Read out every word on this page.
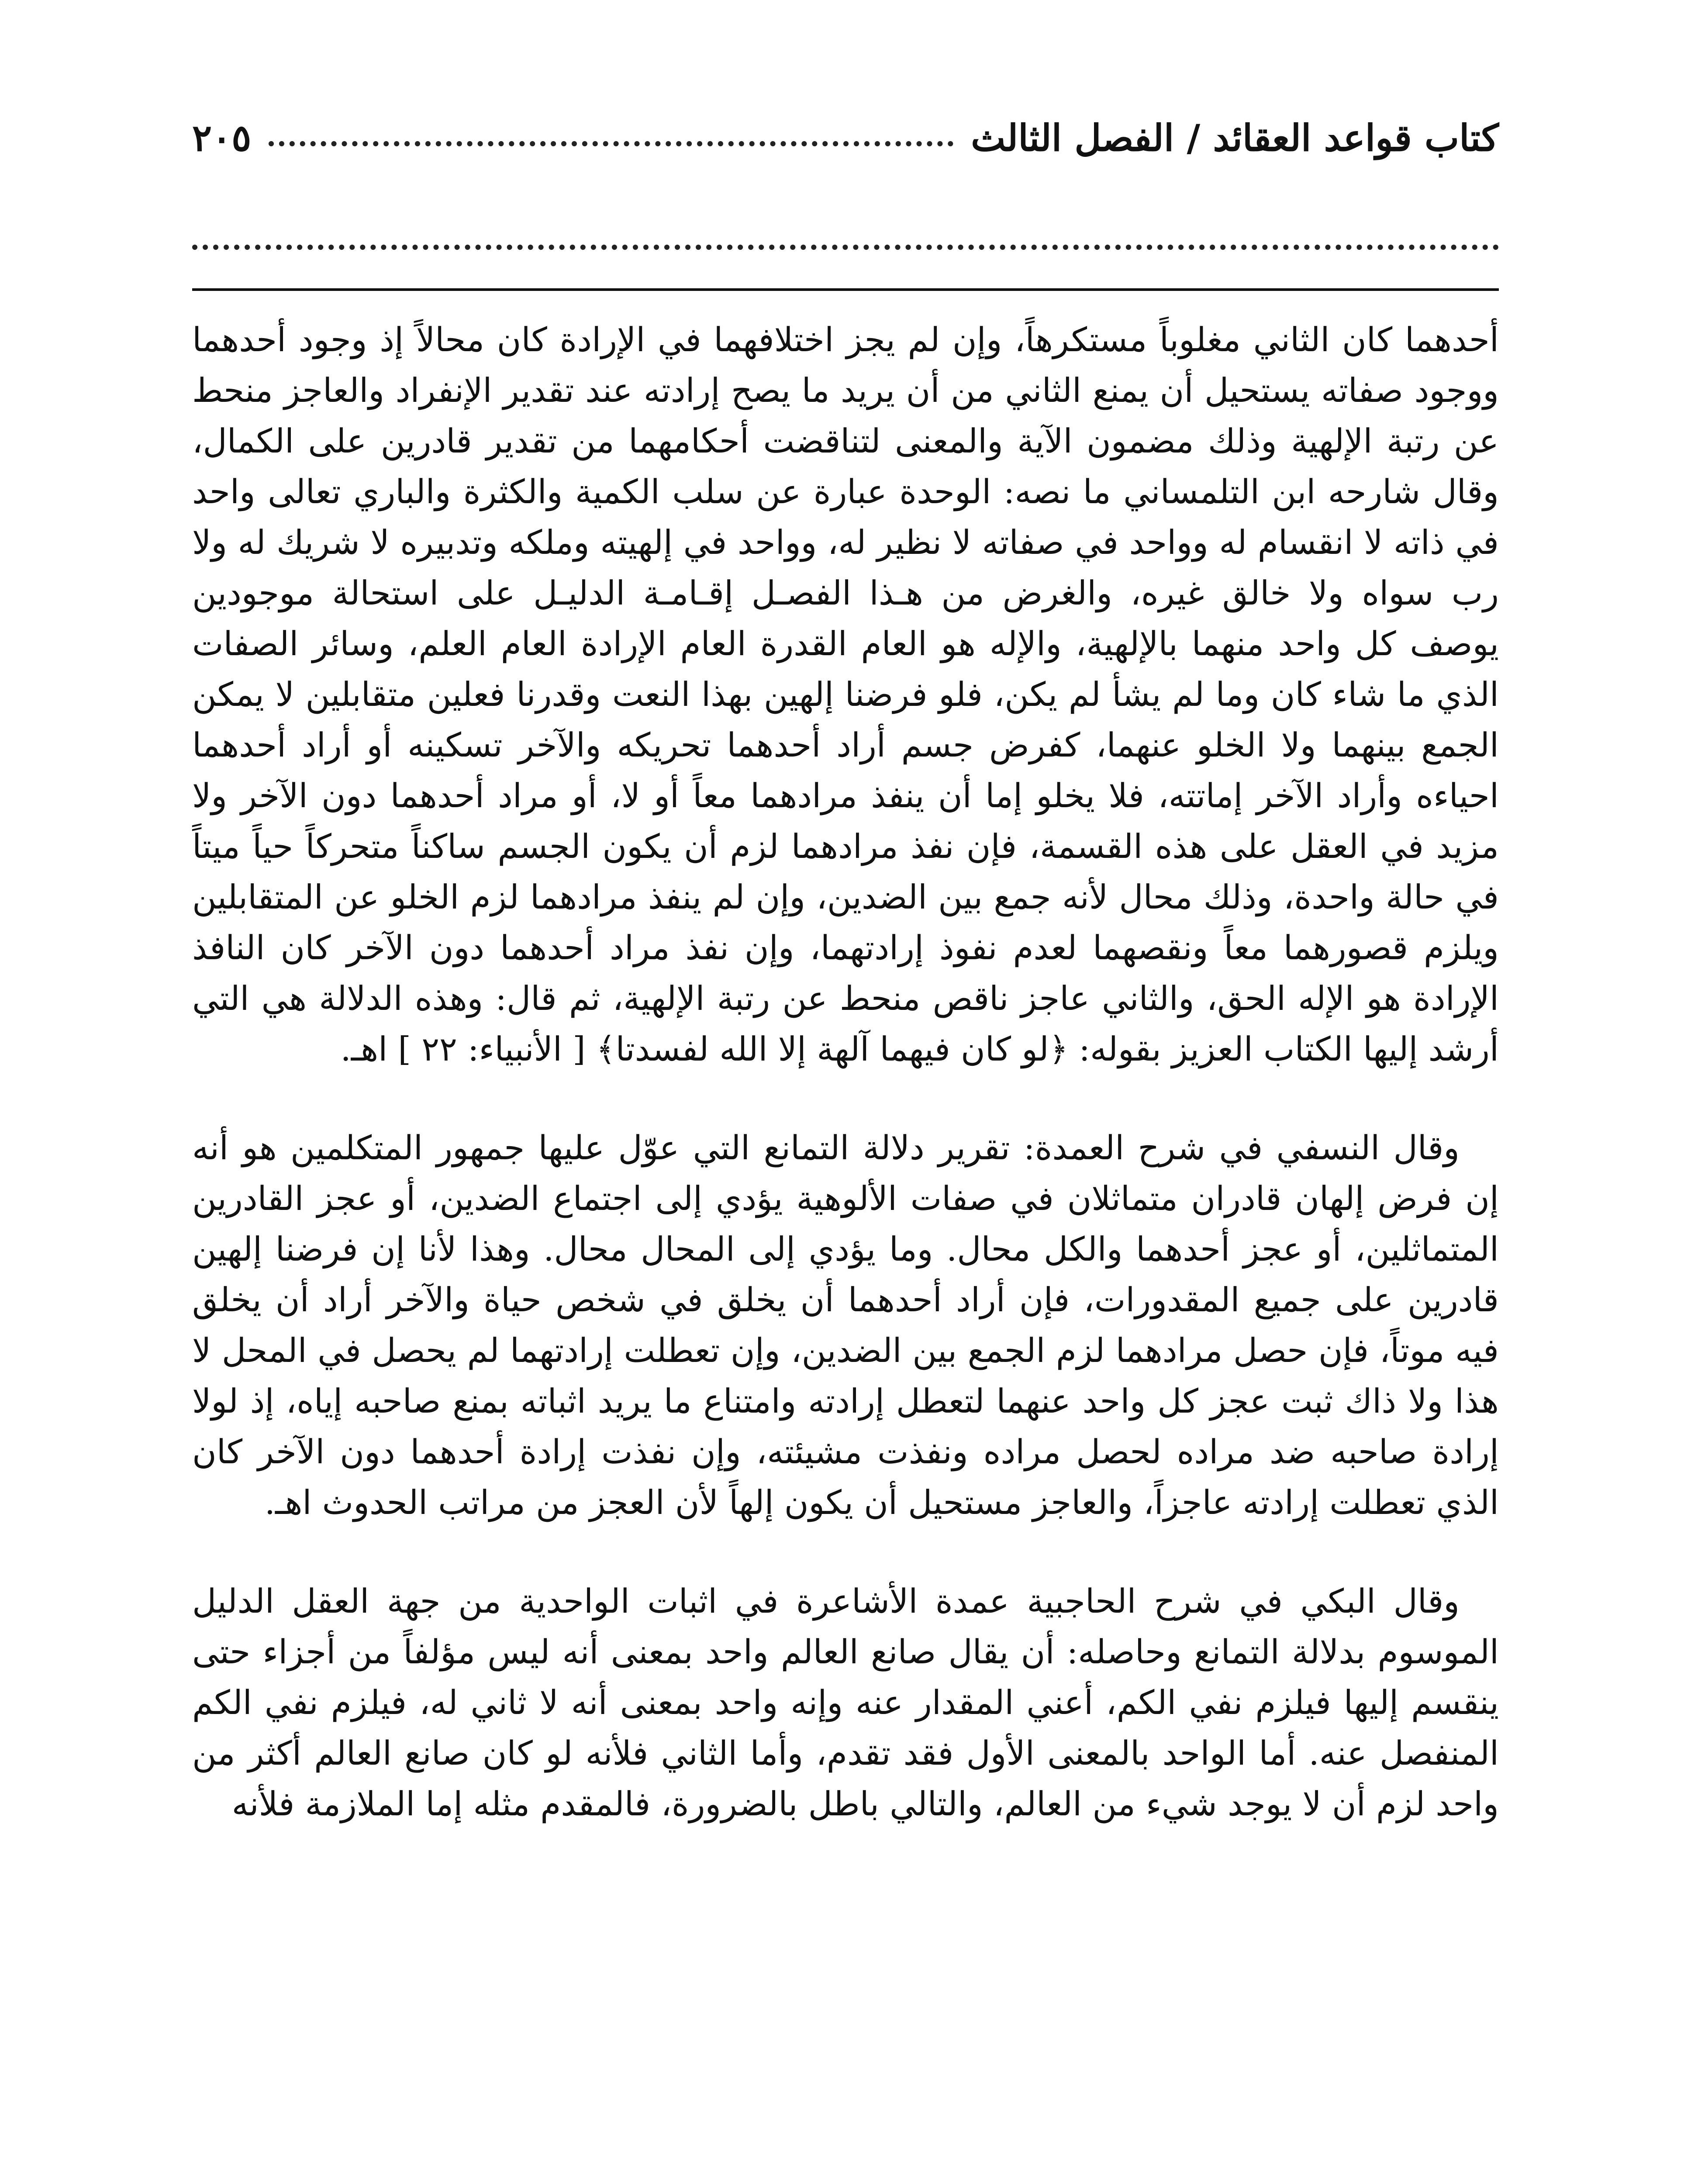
كتاب قواعد العقائد / الفصل الثالث
٢٠٥

أحدهما كان الثاني مغلوباً مستكرهاً، وإن لم يجز اختلافهما في الإرادة كان محالاً إذ وجود أحدهما ووجود صفاته يستحيل أن يمنع الثاني من أن يريد ما يصح إرادته عند تقدير الإنفراد والعاجز منحط عن رتبة الإلهية وذلك مضمون الآية والمعنى لتناقضت أحكامهما من تقدير قادرين على الكمال، وقال شارحه ابن التلمساني ما نصه: الوحدة عبارة عن سلب الكمية والكثرة والباري تعالى واحد في ذاته لا انقسام له وواحد في صفاته لا نظير له، وواحد في إلهيته وملكه وتدبيره لا شريك له ولا رب سواه ولا خالق غيره، والغرض من هـذا الفصـل إقـامـة الدليـل على استحالة موجودين يوصف كل واحد منهما بالإلهية، والإله هو العام القدرة العام الإرادة العام العلم، وسائر الصفات الذي ما شاء كان وما لم يشأ لم يكن، فلو فرضنا إلهين بهذا النعت وقدرنا فعلين متقابلين لا يمكن الجمع بينهما ولا الخلو عنهما، كفرض جسم أراد أحدهما تحريكه والآخر تسكينه أو أراد أحدهما احياءه وأراد الآخر إماتته، فلا يخلو إما أن ينفذ مرادهما معاً أو لا، أو مراد أحدهما دون الآخر ولا مزيد في العقل على هذه القسمة، فإن نفذ مرادهما لزم أن يكون الجسم ساكناً متحركاً حياً ميتاً في حالة واحدة، وذلك محال لأنه جمع بين الضدين، وإن لم ينفذ مرادهما لزم الخلو عن المتقابلين ويلزم قصورهما معاً ونقصهما لعدم نفوذ إرادتهما، وإن نفذ مراد أحدهما دون الآخر كان النافذ الإرادة هو الإله الحق، والثاني عاجز ناقص منحط عن رتبة الإلهية، ثم قال: وهذه الدلالة هي التي أرشد إليها الكتاب العزيز بقوله: ﴿لو كان فيهما آلهة إلا الله لفسدتا﴾ [ الأنبياء: ٢٢ ] اهـ.

وقال النسفي في شرح العمدة: تقرير دلالة التمانع التي عوّل عليها جمهور المتكلمين هو أنه إن فرض إلهان قادران متماثلان في صفات الألوهية يؤدي إلى اجتماع الضدين، أو عجز القادرين المتماثلين، أو عجز أحدهما والكل محال. وما يؤدي إلى المحال محال. وهذا لأنا إن فرضنا إلهين قادرين على جميع المقدورات، فإن أراد أحدهما أن يخلق في شخص حياة والآخر أراد أن يخلق فيه موتاً، فإن حصل مرادهما لزم الجمع بين الضدين، وإن تعطلت إرادتهما لم يحصل في المحل لا هذا ولا ذاك ثبت عجز كل واحد عنهما لتعطل إرادته وامتناع ما يريد اثباته بمنع صاحبه إياه، إذ لولا إرادة صاحبه ضد مراده لحصل مراده ونفذت مشيئته، وإن نفذت إرادة أحدهما دون الآخر كان الذي تعطلت إرادته عاجزاً، والعاجز مستحيل أن يكون إلهاً لأن العجز من مراتب الحدوث اهـ.

وقال البكي في شرح الحاجبية عمدة الأشاعرة في اثبات الواحدية من جهة العقل الدليل الموسوم بدلالة التمانع وحاصله: أن يقال صانع العالم واحد بمعنى أنه ليس مؤلفاً من أجزاء حتى ينقسم إليها فيلزم نفي الكم، أعني المقدار عنه وإنه واحد بمعنى أنه لا ثاني له، فيلزم نفي الكم المنفصل عنه. أما الواحد بالمعنى الأول فقد تقدم، وأما الثاني فلأنه لو كان صانع العالم أكثر من واحد لزم أن لا يوجد شيء من العالم، والتالي باطل بالضرورة، فالمقدم مثله إما الملازمة فلأنه
